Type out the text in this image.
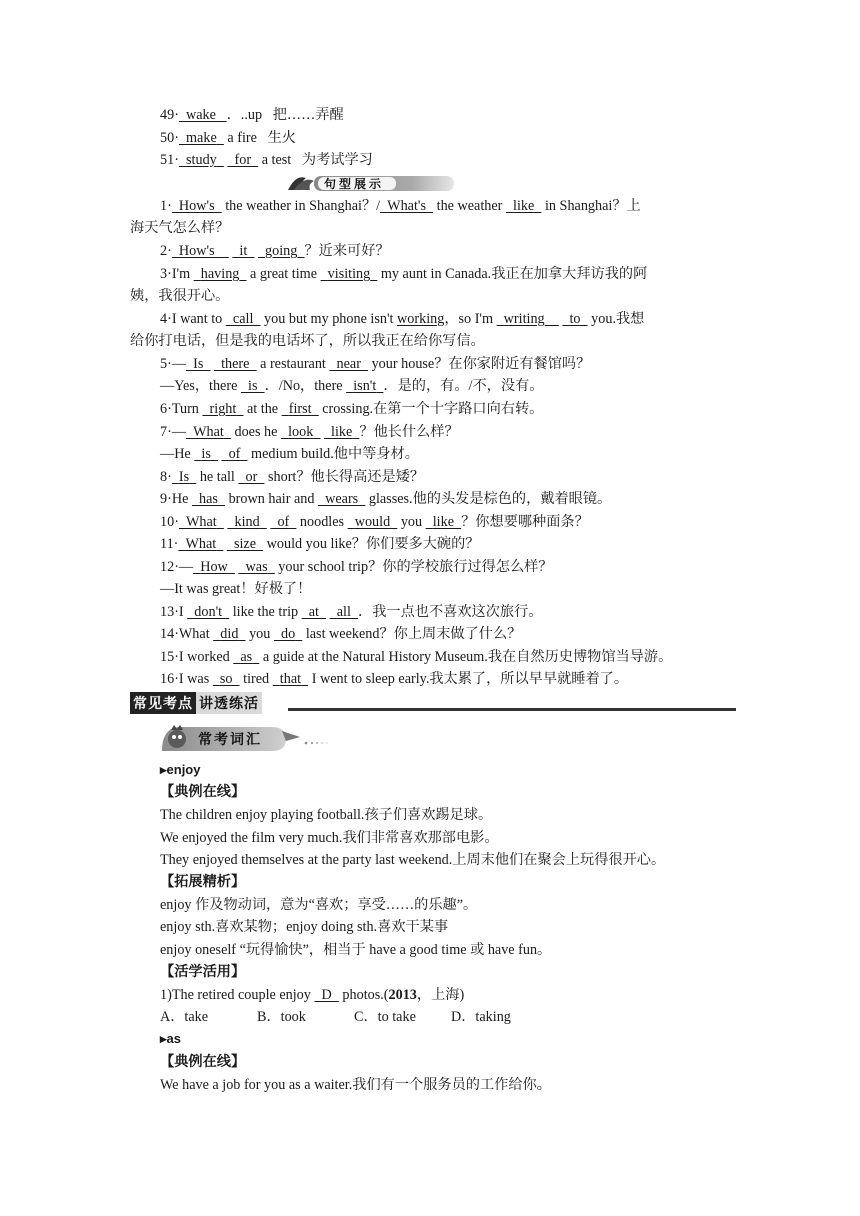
49· wake ．..up 把……弄醒
50· make a fire 生火
51· study for a test 为考试学习
句型展示
1· How's the weather in Shanghai？/ What's the weather like in Shanghai？上
海天气怎么样？
2· How's it going ？近来可好？
3·I'm having a great time visiting my aunt in Canada.我正在加拿大拜访我的阿
姨，我很开心。
4·I want to call you but my phone isn't working，so I'm writing to you.我想
给你打电话，但是我的电话坏了，所以我正在给你写信。
5·— Is there a restaurant near your house？在你家附近有餐馆吗？
—Yes，there is ．/No，there isn't ．是的，有。/不，没有。
6·Turn right at the first crossing.在第一个十字路口向右转。
7·— What does he look like ？他长什么样？
—He is of medium build.他中等身材。
8· Is he tall or short？他长得高还是矮？
9·He has brown hair and wears glasses.他的头发是棕色的，戴着眼镜。
10· What kind of noodles would you like ？你想要哪种面条？
11· What size would you like？你们要多大碗的？
12·— How was your school trip？你的学校旅行过得怎么样？
—It was great！好极了！
13·I don't like the trip at all ．我一点也不喜欢这次旅行。
14·What did you do last weekend？你上周末做了什么？
15·I worked as a guide at the Natural History Museum.我在自然历史博物馆当导游。
16·I was so tired that I went to sleep early.我太累了，所以早早就睡着了。
常见考点 讲透练活
常考词汇
▸enjoy
【典例在线】
The children enjoy playing football.孩子们喜欢踢足球。
We enjoyed the film very much.我们非常喜欢那部电影。
They enjoyed themselves at the party last weekend.上周末他们在聚会上玩得很开心。
【拓展精析】
enjoy 作及物动词，意为“喜欢；享受……的乐趣”。
enjoy sth.喜欢某物；enjoy doing sth.喜欢干某事
enjoy oneself “玩得愉快”，相当于 have a good time 或 have fun。
【活学活用】
1)The retired couple enjoy D photos.(2013，上海)
A．take	B．took	C．to take D．taking
▸as
【典例在线】
We have a job for you as a waiter.我们有一个服务员的工作给你。
